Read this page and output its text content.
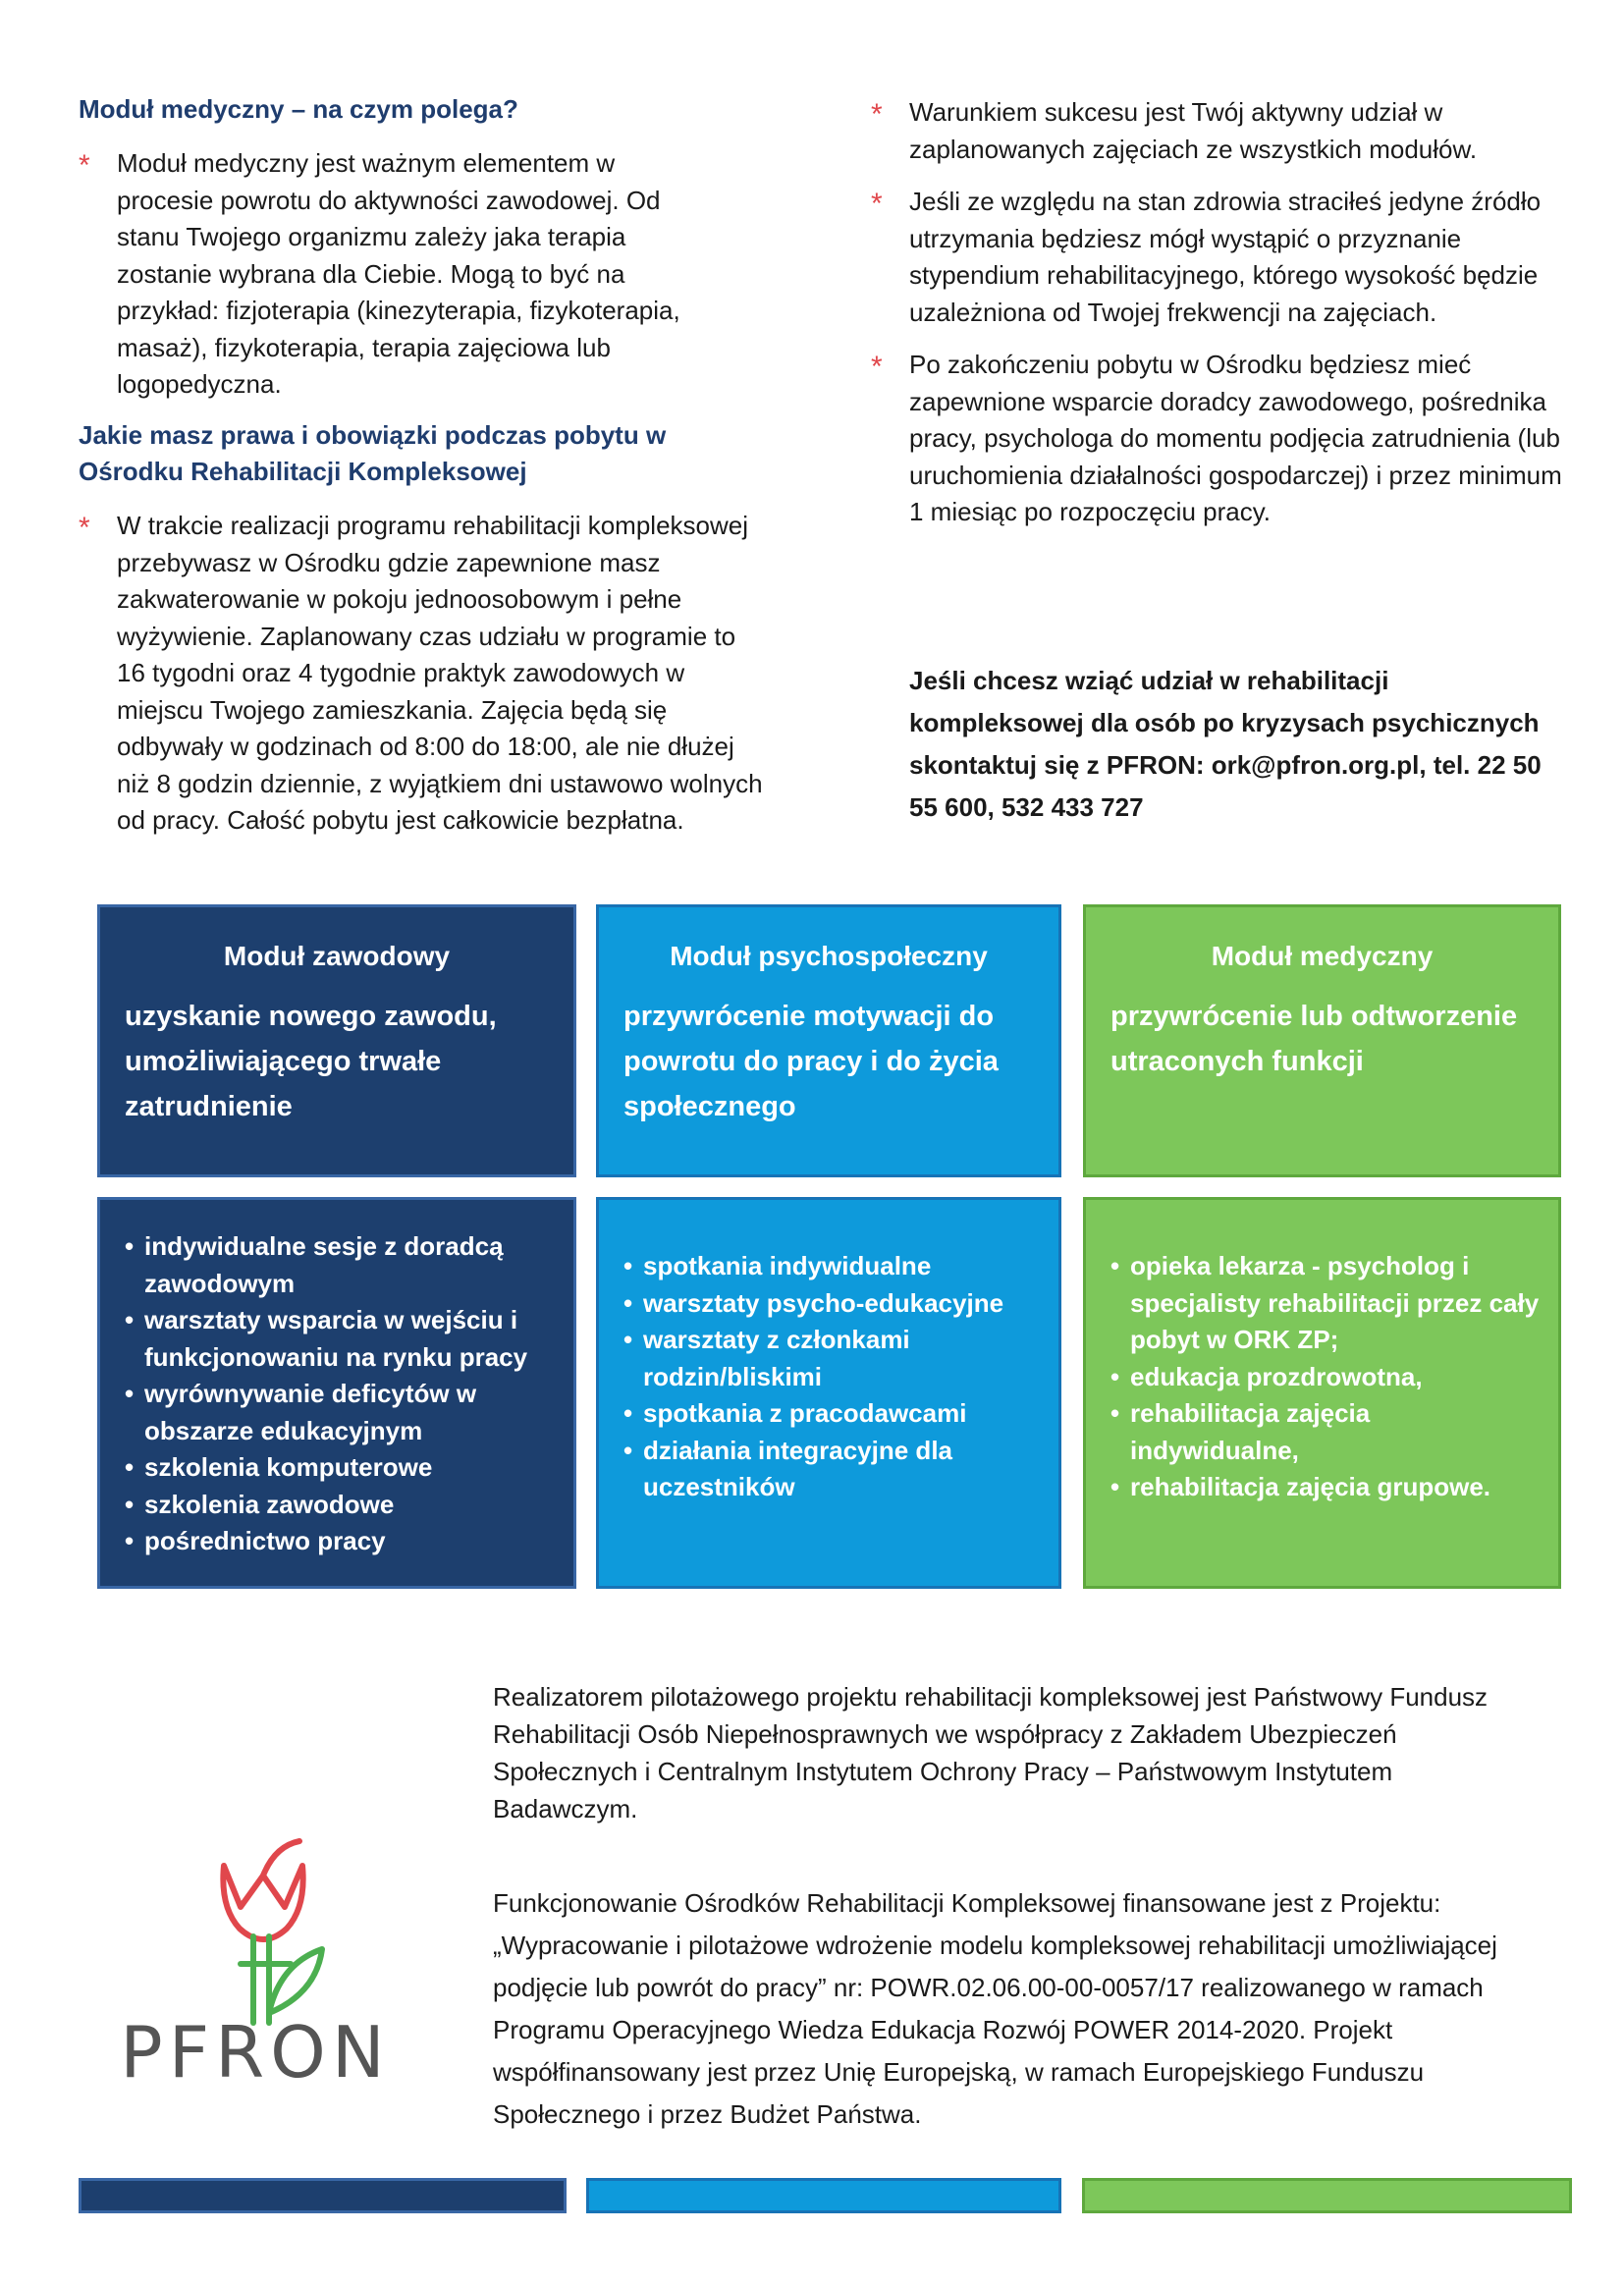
Moduł medyczny – na czym polega?
* Moduł medyczny jest ważnym elementem w procesie powrotu do aktywności zawodowej. Od stanu Twojego organizmu zależy jaka terapia zostanie wybrana dla Ciebie. Mogą to być na przykład: fizjoterapia (kinezyterapia, fizykoterapia, masaż), fizykoterapia, terapia zajęciowa lub logopedyczna.
Jakie masz prawa i obowiązki podczas pobytu w Ośrodku Rehabilitacji Kompleksowej
* W trakcie realizacji programu rehabilitacji kompleksowej przebywasz w Ośrodku gdzie zapewnione masz zakwaterowanie w pokoju jednoosobowym i pełne wyżywienie. Zaplanowany czas udziału w programie to 16 tygodni oraz 4 tygodnie praktyk zawodowych w miejscu Twojego zamieszkania. Zajęcia będą się odbywały w godzinach od 8:00 do 18:00, ale nie dłużej niż 8 godzin dziennie, z wyjątkiem dni ustawowo wolnych od pracy. Całość pobytu jest całkowicie bezpłatna.
* Warunkiem sukcesu jest Twój aktywny udział w zaplanowanych zajęciach ze wszystkich modułów.
* Jeśli ze względu na stan zdrowia straciłeś jedyne źródło utrzymania będziesz mógł wystąpić o przyznanie stypendium rehabilitacyjnego, którego wysokość będzie uzależniona od Twojej frekwencji na zajęciach.
* Po zakończeniu pobytu w Ośrodku będziesz mieć zapewnione wsparcie doradcy zawodowego, pośrednika pracy, psychologa do momentu podjęcia zatrudnienia (lub uruchomienia działalności gospodarczej) i przez minimum 1 miesiąc po rozpoczęciu pracy.
Jeśli chcesz wziąć udział w rehabilitacji kompleksowej dla osób po kryzysach psychicznych skontaktuj się z PFRON: ork@pfron.org.pl, tel. 22 50 55 600, 532 433 727
Moduł zawodowy
uzyskanie nowego zawodu, umożliwiającego trwałe zatrudnienie
Moduł psychospołeczny
przywrócenie motywacji do powrotu do pracy i do życia społecznego
Moduł medyczny
przywrócenie lub odtworzenie utraconych funkcji
• indywidualne sesje z doradcą zawodowym
• warsztaty wsparcia w wejściu i funkcjonowaniu na rynku pracy
• wyrównywanie deficytów w obszarze edukacyjnym
• szkolenia komputerowe
• szkolenia zawodowe
• pośrednictwo pracy
• spotkania indywidualne
• warsztaty psycho-edukacyjne
• warsztaty z członkami rodzin/bliskimi
• spotkania z pracodawcami
• działania integracyjne dla uczestników
• opieka lekarza - psycholog i specjalisty rehabilitacji przez cały pobyt w ORK ZP;
• edukacja prozdrowotna,
• rehabilitacja zajęcia indywidualne,
• rehabilitacja zajęcia grupowe.
PFRON
Realizatorem pilotażowego projektu rehabilitacji kompleksowej jest Państwowy Fundusz Rehabilitacji Osób Niepełnosprawnych we współpracy z Zakładem Ubezpieczeń Społecznych i Centralnym Instytutem Ochrony Pracy – Państwowym Instytutem Badawczym.
Funkcjonowanie Ośrodków Rehabilitacji Kompleksowej finansowane jest z Projektu: „Wypracowanie i pilotażowe wdrożenie modelu kompleksowej rehabilitacji umożliwiającej podjęcie lub powrót do pracy” nr: POWR.02.06.00-00-0057/17 realizowanego w ramach Programu Operacyjnego Wiedza Edukacja Rozwój POWER 2014-2020. Projekt współfinansowany jest przez Unię Europejską, w ramach Europejskiego Funduszu Społecznego i przez Budżet Państwa.
